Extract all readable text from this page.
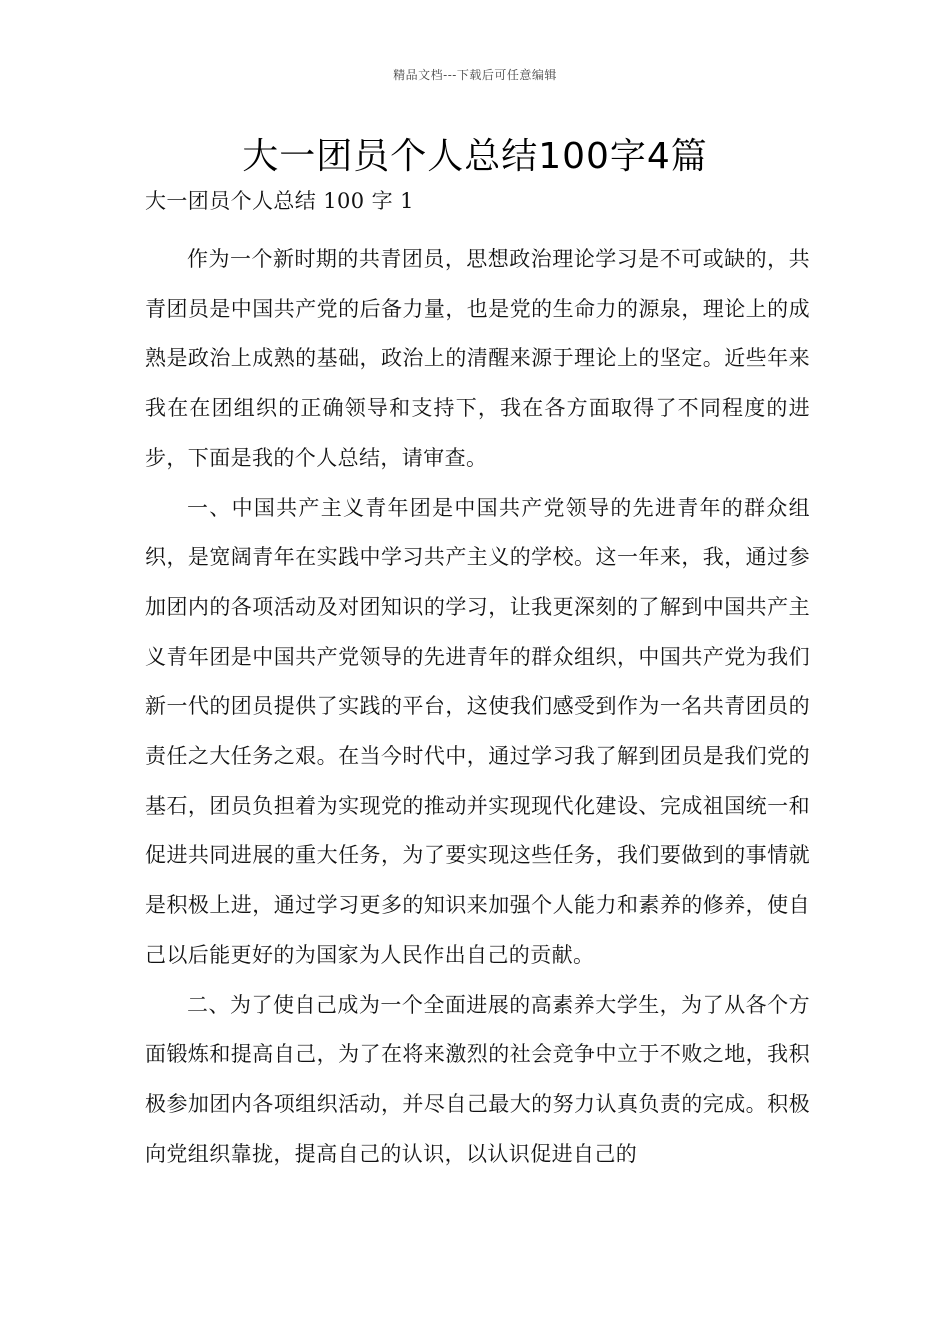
精品文档---下载后可任意编辑
大一团员个人总结100字4篇

大一团员个人总结 100 字 1

作为一个新时期的共青团员，思想政治理论学习是不可或缺的，共青团员是中国共产党的后备力量，也是党的生命力的源泉，理论上的成熟是政治上成熟的基础，政治上的清醒来源于理论上的坚定。近些年来我在在团组织的正确领导和支持下，我在各方面取得了不同程度的进步，下面是我的个人总结，请审查。

一、中国共产主义青年团是中国共产党领导的先进青年的群众组织，是宽阔青年在实践中学习共产主义的学校。这一年来，我，通过参加团内的各项活动及对团知识的学习，让我更深刻的了解到中国共产主义青年团是中国共产党领导的先进青年的群众组织，中国共产党为我们新一代的团员提供了实践的平台，这使我们感受到作为一名共青团员的责任之大任务之艰。在当今时代中，通过学习我了解到团员是我们党的基石，团员负担着为实现党的推动并实现现代化建设、完成祖国统一和促进共同进展的重大任务，为了要实现这些任务，我们要做到的事情就是积极上进，通过学习更多的知识来加强个人能力和素养的修养，使自己以后能更好的为国家为人民作出自己的贡献。

二、为了使自己成为一个全面进展的高素养大学生，为了从各个方面锻炼和提高自己，为了在将来激烈的社会竞争中立于不败之地，我积极参加团内各项组织活动，并尽自己最大的努力认真负责的完成。积极向党组织靠拢，提高自己的认识，以认识促进自己的
